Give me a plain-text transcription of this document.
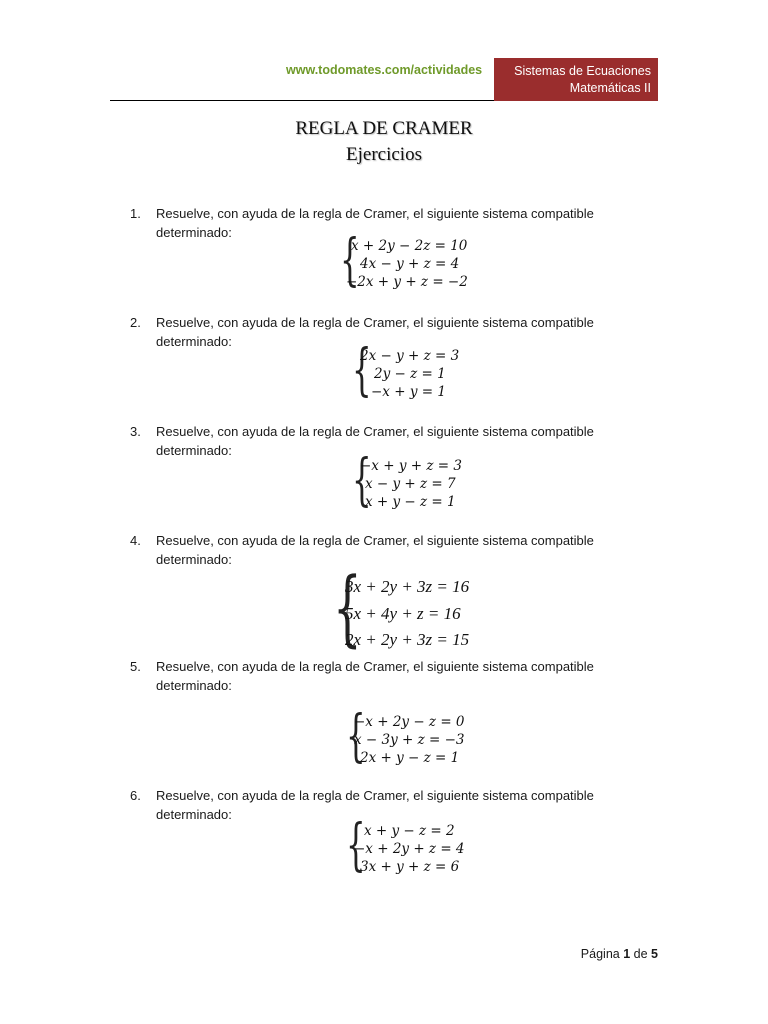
www.todomates.com/actividades	Sistemas de Ecuaciones
Matemáticas II
REGLA DE CRAMER
Ejercicios
1. Resuelve, con ayuda de la regla de Cramer, el siguiente sistema compatible
determinado:	{
x + 2y − 2z = 10
4x − y + z = 4
−2x + y + z = −2
2. Resuelve, con ayuda de la regla de Cramer, el siguiente sistema compatible
determinado:	{
2x − y + z = 3
2y − z = 1
−x + y = 1
3. Resuelve, con ayuda de la regla de Cramer, el siguiente sistema compatible
determinado:	{
−x + y + z = 3
x − y + z = 7
x + y − z = 1
4. Resuelve, con ayuda de la regla de Cramer, el siguiente sistema compatible
determinado:
{
3x + 2y + 3z = 16
5x + 4y + z = 16
2x + 2y + 3z = 15
5. Resuelve, con ayuda de la regla de Cramer, el siguiente sistema compatible
determinado:
{
−x + 2y − z = 0
x − 3y + z = −3
2x + y − z = 1
6. Resuelve, con ayuda de la regla de Cramer, el siguiente sistema compatible
determinado:	{
x + y − z = 2
−x + 2y + z = 4
3x + y + z = 6
Página 1 de 5
